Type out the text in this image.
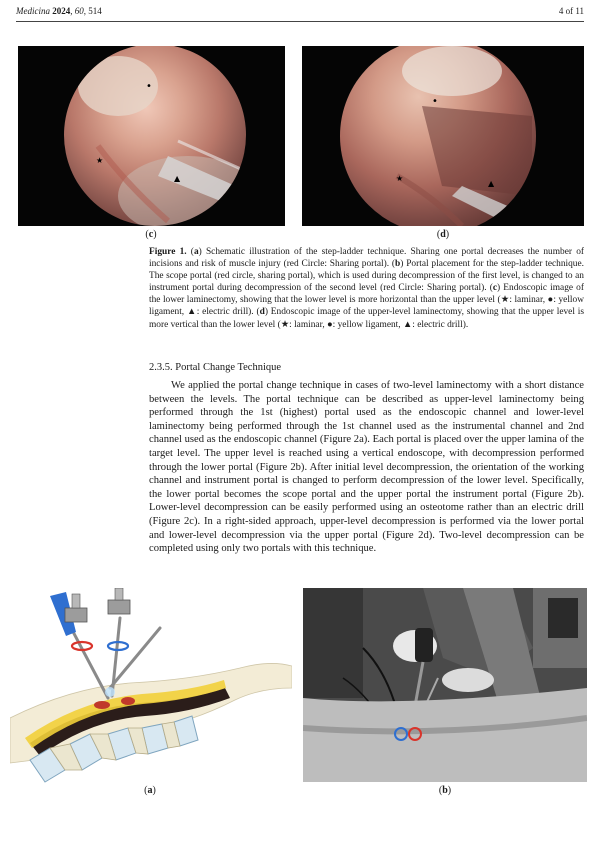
Medicina 2024, 60, 514	4 of 11
★
•
▲
(c)
★
•
▲
(d)
Figure 1. (a) Schematic illustration of the step-ladder technique. Sharing one portal decreases the number of incisions and risk of muscle injury (red Circle: Sharing portal). (b) Portal placement for the step-ladder technique. The scope portal (red circle, sharing portal), which is used during decompression of the first level, is changed to an instrument portal during decompression of the second level (red Circle: Sharing portal). (c) Endoscopic image of the lower laminectomy, showing that the lower level is more horizontal than the upper level (★: laminar, ●: yellow ligament, ▲: electric drill). (d) Endoscopic image of the upper-level laminectomy, showing that the upper level is more vertical than the lower level (★: laminar, ●: yellow ligament, ▲: electric drill).
2.3.5. Portal Change Technique
We applied the portal change technique in cases of two-level laminectomy with a short distance between the levels. The portal technique can be described as upper-level laminectomy being performed through the 1st (highest) portal used as the endoscopic channel and lower-level laminectomy being performed through the 1st channel used as the instrumental channel and 2nd channel used as the endoscopic channel (Figure 2a). Each portal is placed over the upper lamina of the target level. The upper level is reached using a vertical endoscope, with decompression performed through the lower portal (Figure 2b). After initial level decompression, the orientation of the working channel and instrument portal is changed to perform decompression of the lower level. Specifically, the lower portal becomes the scope portal and the upper portal the instrument portal (Figure 2b). Lower-level decompression can be easily performed using an osteotome rather than an electric drill (Figure 2c). In a right-sided approach, upper-level decompression is performed via the lower portal and lower-level decompression via the upper portal (Figure 2d). Two-level decompression can be completed using only two portals with this technique.
(a)	(b)
